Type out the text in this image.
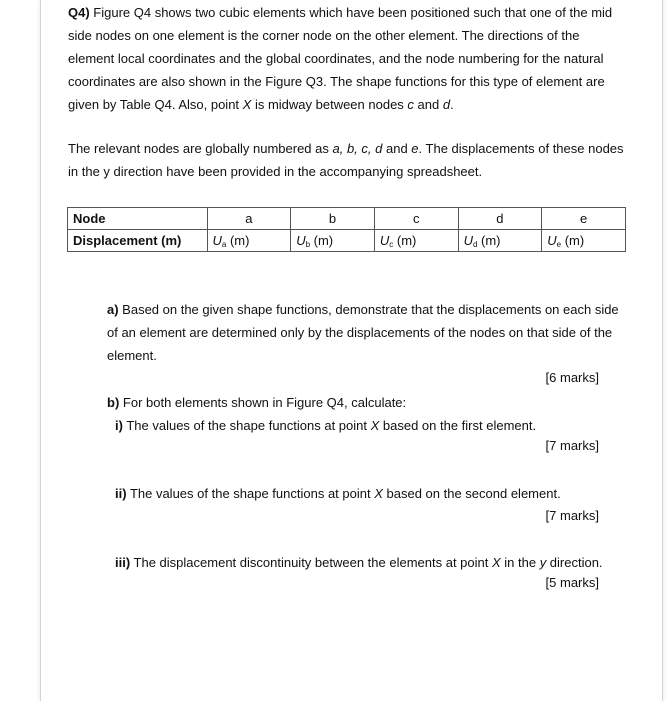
Q4) Figure Q4 shows two cubic elements which have been positioned such that one of the mid side nodes on one element is the corner node on the other element. The directions of the element local coordinates and the global coordinates, and the node numbering for the natural coordinates are also shown in the Figure Q3. The shape functions for this type of element are given by Table Q4. Also, point X is midway between nodes c and d.

The relevant nodes are globally numbered as a, b, c, d and e. The displacements of these nodes in the y direction have been provided in the accompanying spreadsheet.

Node	a	b	c	d	e
Displacement (m)	$U_a$ (m)	$U_b$ (m)	$U_c$ (m)	$U_d$ (m)	$U_e$ (m)

a) Based on the given shape functions, demonstrate that the displacements on each side of an element are determined only by the displacements of the nodes on that side of the element.

[6 marks]

b) For both elements shown in Figure Q4, calculate:

i) The values of the shape functions at point X based on the first element.

[7 marks]

ii) The values of the shape functions at point X based on the second element.

[7 marks]

iii) The displacement discontinuity between the elements at point X in the y direction.

[5 marks]
